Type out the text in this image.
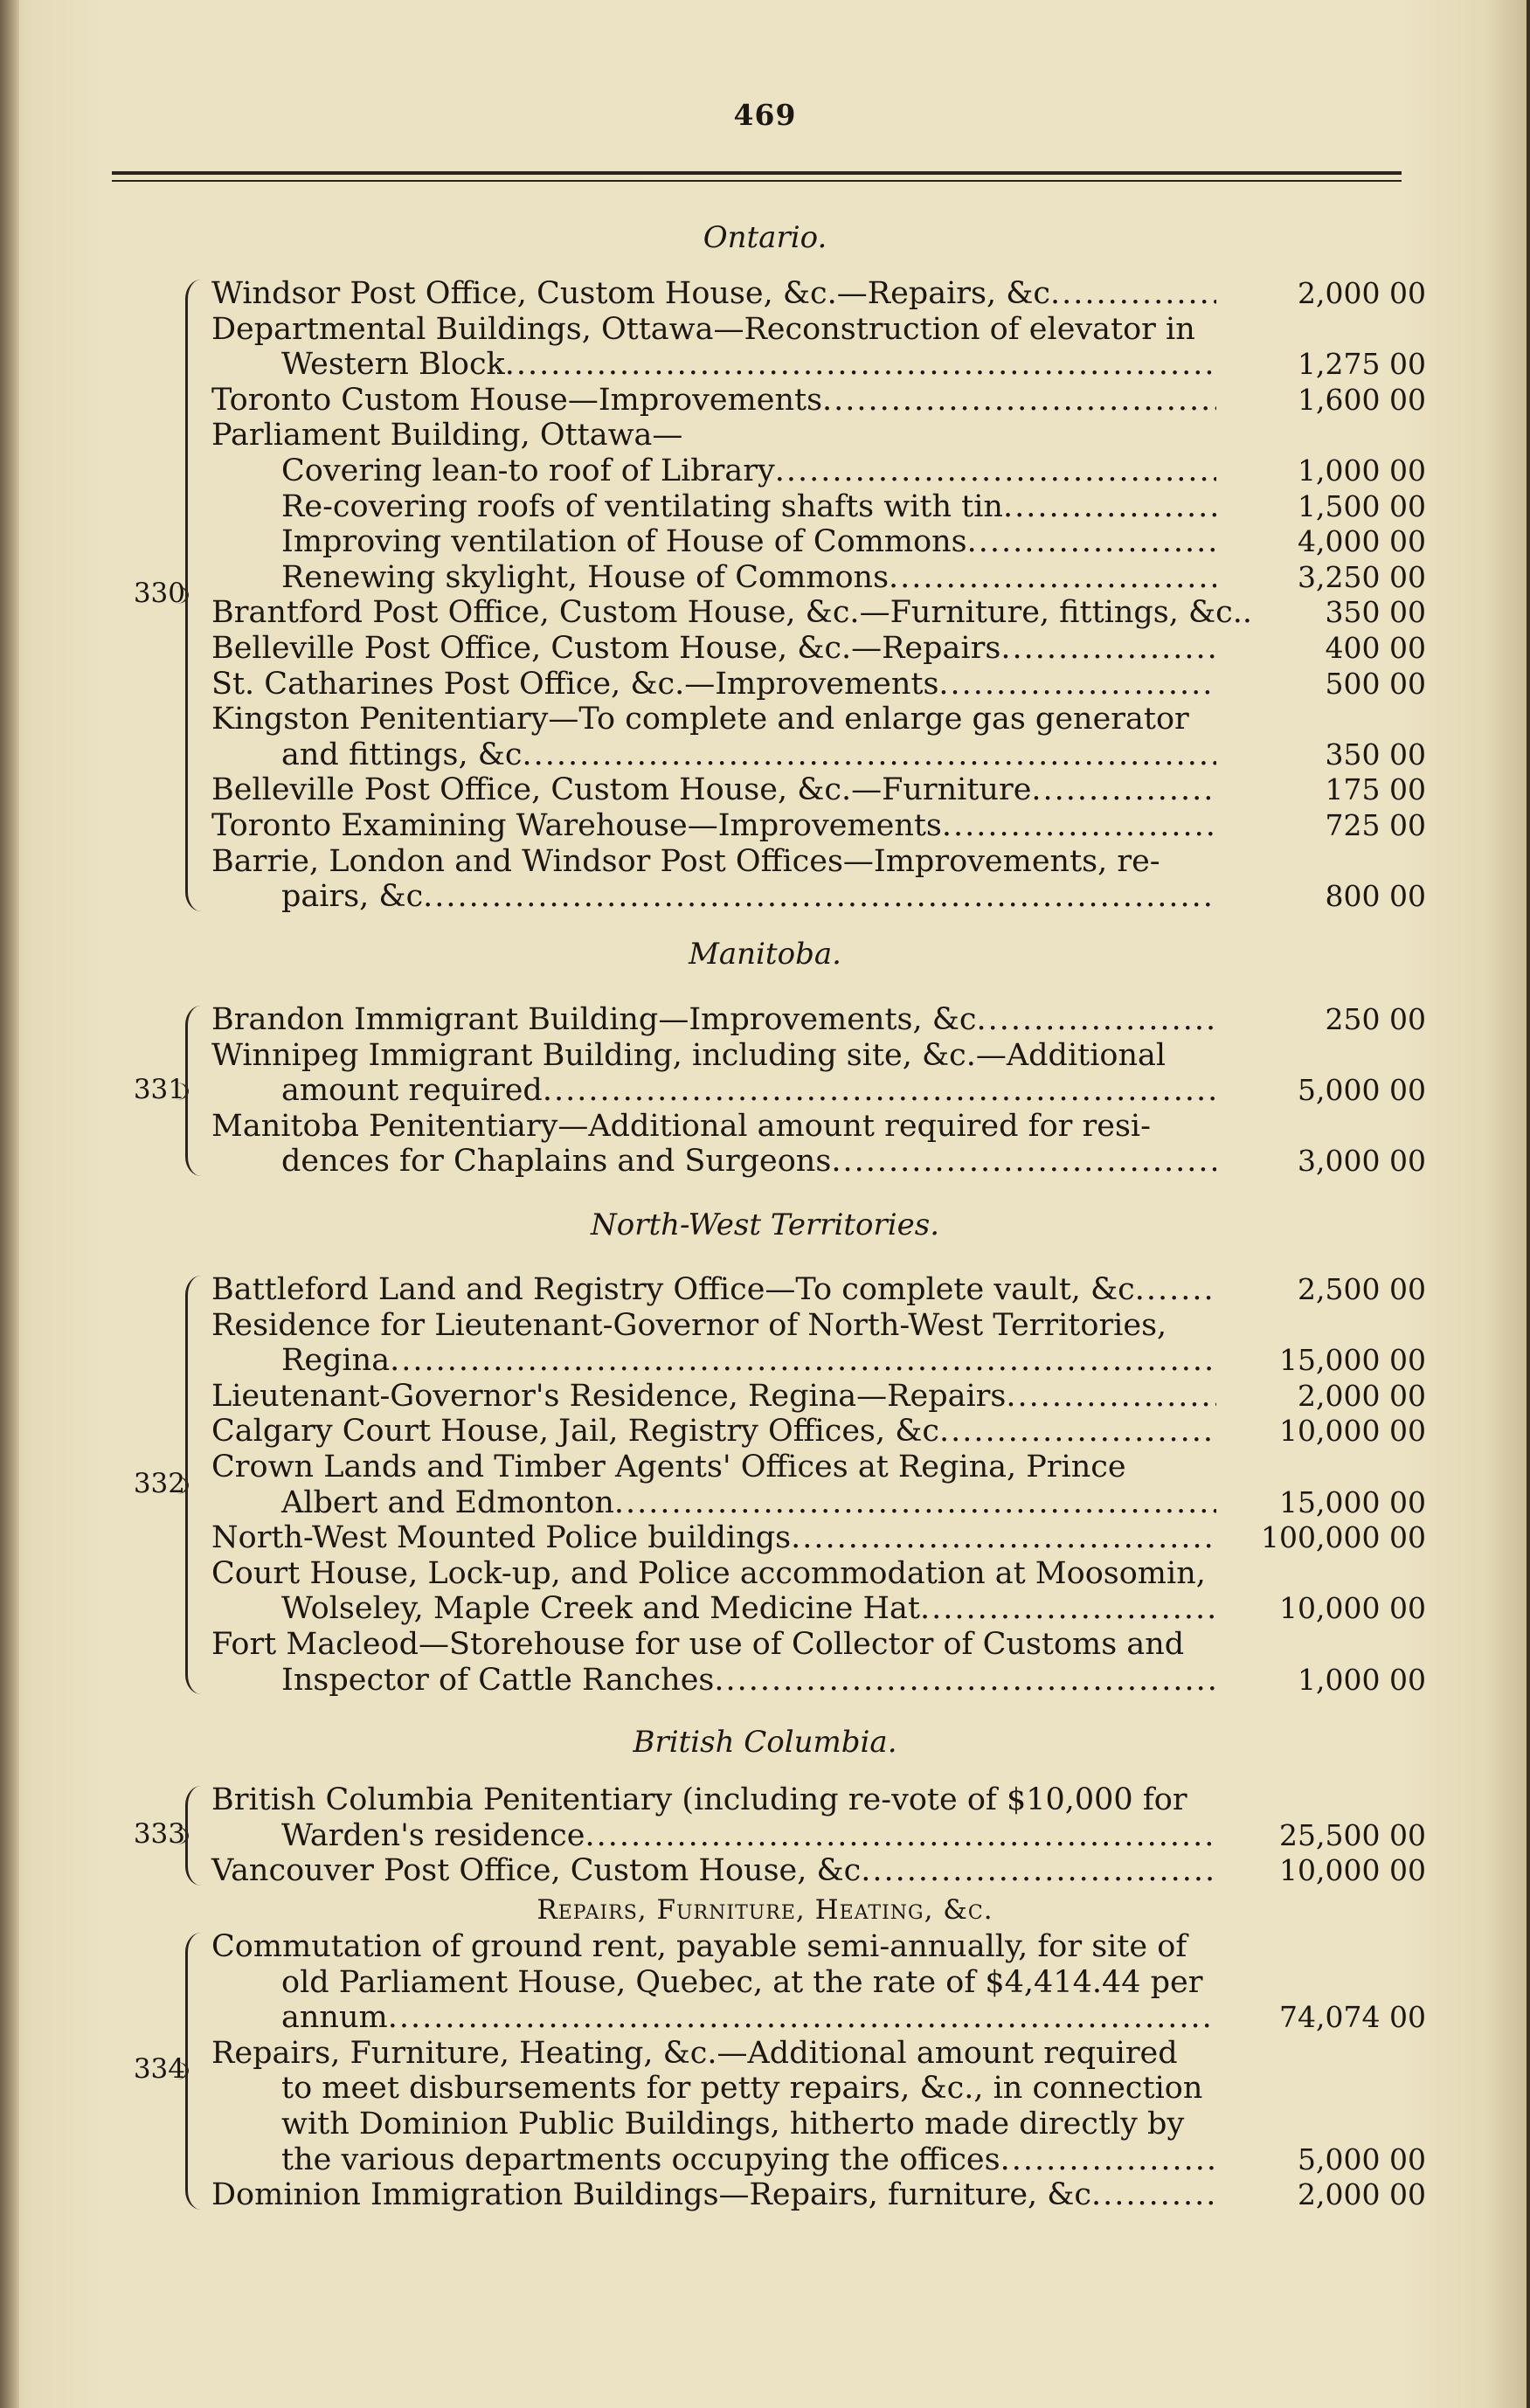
469
Ontario.
Windsor Post Office, Custom House, &c.—Repairs, &c .....	2,000 00
Departmental Buildings, Ottawa—Reconstruction of elevator in
Western Block .....	1,275 00
Toronto Custom House—Improvements .....	1,600 00
Parliament Building, Ottawa—
Covering lean-to roof of Library .....	1,000 00
Re-covering roofs of ventilating shafts with tin .....	1,500 00
Improving ventilation of House of Commons .....	4,000 00
Renewing skylight, House of Commons .....	3,250 00
Brantford Post Office, Custom House, &c.—Furniture, fittings, &c. .....	350 00
Belleville Post Office, Custom House, &c.—Repairs .....	400 00
St. Catharines Post Office, &c.—Improvements .....	500 00
Kingston Penitentiary—To complete and enlarge gas generator
and fittings, &c .....	350 00
Belleville Post Office, Custom House, &c.—Furniture .....	175 00
Toronto Examining Warehouse—Improvements .....	725 00
Barrie, London and Windsor Post Offices—Improvements, re-
pairs, &c .....	800 00
330
Manitoba.
Brandon Immigrant Building—Improvements, &c .....	250 00
Winnipeg Immigrant Building, including site, &c.—Additional
amount required .....	5,000 00
Manitoba Penitentiary—Additional amount required for resi-
dences for Chaplains and Surgeons .....	3,000 00
331
North-West Territories.
Battleford Land and Registry Office—To complete vault, &c .....	2,500 00
Residence for Lieutenant-Governor of North-West Territories,
Regina .....	15,000 00
Lieutenant-Governor's Residence, Regina—Repairs .....	2,000 00
Calgary Court House, Jail, Registry Offices, &c .....	10,000 00
Crown Lands and Timber Agents' Offices at Regina, Prince
Albert and Edmonton .....	15,000 00
North-West Mounted Police buildings .....	100,000 00
Court House, Lock-up, and Police accommodation at Moosomin,
Wolseley, Maple Creek and Medicine Hat .....	10,000 00
Fort Macleod—Storehouse for use of Collector of Customs and
Inspector of Cattle Ranches .....	1,000 00
332
British Columbia.
British Columbia Penitentiary (including re-vote of $10,000 for
Warden's residence .....	25,500 00
Vancouver Post Office, Custom House, &c .....	10,000 00
333
Repairs, Furniture, Heating, &c.
Commutation of ground rent, payable semi-annually, for site of
old Parliament House, Quebec, at the rate of $4,414.44 per
annum .....	74,074 00
Repairs, Furniture, Heating, &c.—Additional amount required
to meet disbursements for petty repairs, &c., in connection
with Dominion Public Buildings, hitherto made directly by
the various departments occupying the offices .....	5,000 00
Dominion Immigration Buildings—Repairs, furniture, &c .....	2,000 00
334
